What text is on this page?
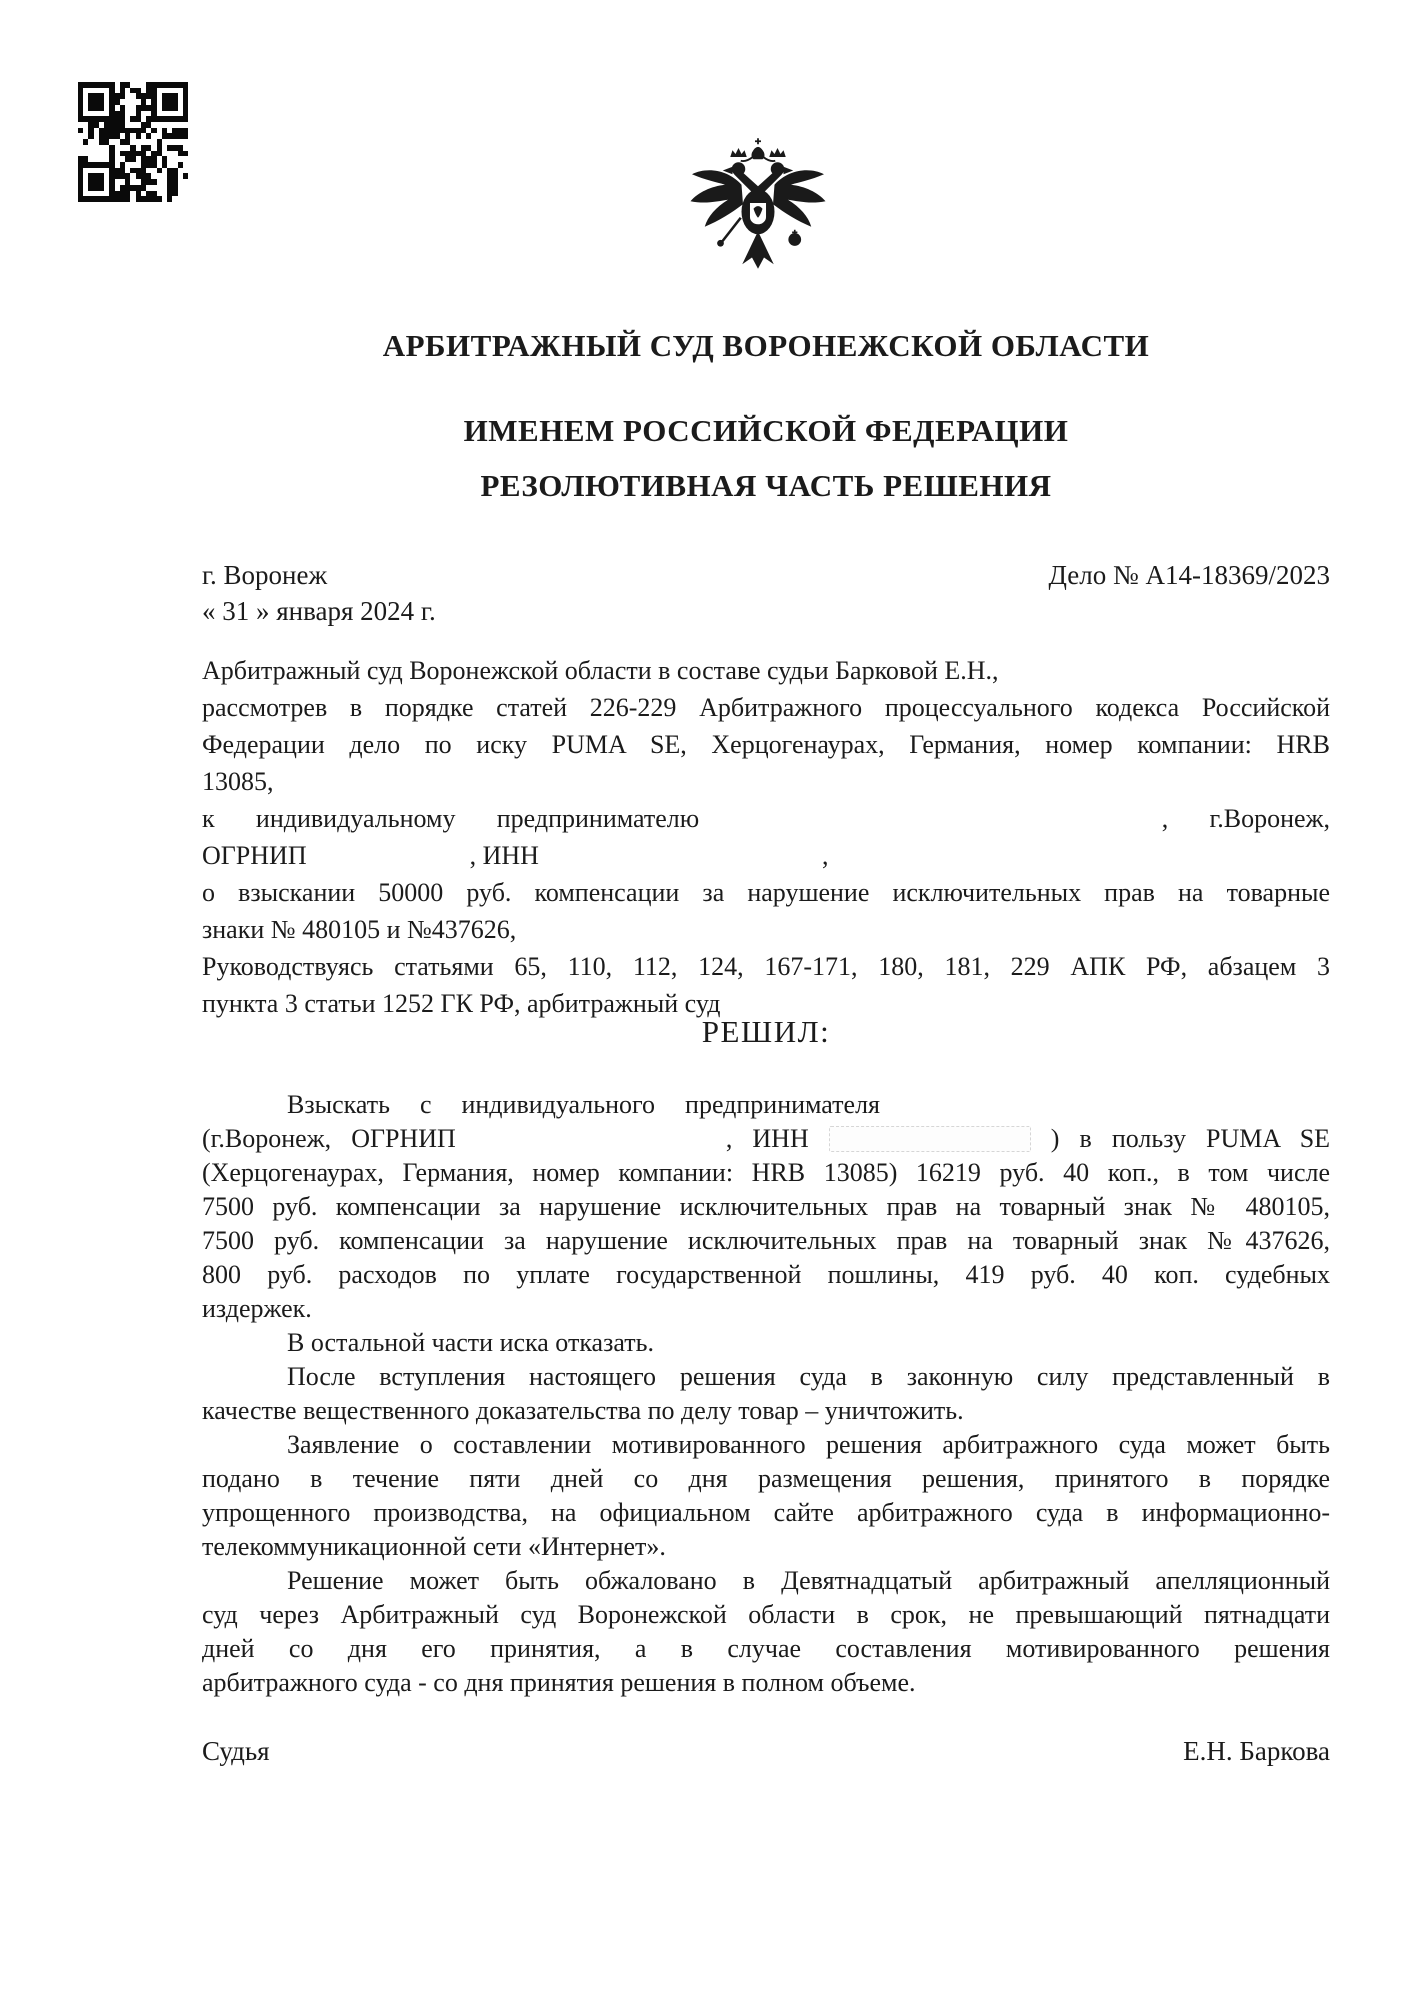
АРБИТРАЖНЫЙ СУД ВОРОНЕЖСКОЙ ОБЛАСТИ
ИМЕНЕМ РОССИЙСКОЙ ФЕДЕРАЦИИ
РЕЗОЛЮТИВНАЯ ЧАСТЬ РЕШЕНИЯ
г. Воронеж	Дело № А14-18369/2023
« 31 » января 2024 г.
Арбитражный суд Воронежской области в составе судьи Барковой Е.Н.,
рассмотрев в порядке статей 226-229 Арбитражного процессуального кодекса Российской
Федерации дело по иску PUMA SE, Херцогенаурах, Германия, номер компании: HRB
13085,
к индивидуальному предпринимателю	, г.Воронеж,
ОГРНИП	, ИНН	,
о взыскании 50000 руб. компенсации за нарушение исключительных прав на товарные
знаки № 480105 и №437626,
Руководствуясь статьями 65, 110, 112, 124, 167-171, 180, 181, 229 АПК РФ, абзацем 3
пункта 3 статьи 1252 ГК РФ, арбитражный суд
РЕШИЛ:
Взыскать с индивидуального предпринимателя
(г.Воронеж, ОГРНИП	, ИНН	) в пользу PUMA SE
(Херцогенаурах, Германия, номер компании: HRB 13085) 16219 руб. 40 коп., в том числе
7500 руб. компенсации за нарушение исключительных прав на товарный знак № 480105,
7500 руб. компенсации за нарушение исключительных прав на товарный знак №437626,
800 руб. расходов по уплате государственной пошлины, 419 руб. 40 коп. судебных
издержек.
В остальной части иска отказать.
После вступления настоящего решения суда в законную силу представленный в
качестве вещественного доказательства по делу товар – уничтожить.
Заявление о составлении мотивированного решения арбитражного суда может быть
подано в течение пяти дней со дня размещения решения, принятого в порядке
упрощенного производства, на официальном сайте арбитражного суда в информационно-
телекоммуникационной сети «Интернет».
Решение может быть обжаловано в Девятнадцатый арбитражный апелляционный
суд через Арбитражный суд Воронежской области в срок, не превышающий пятнадцати
дней со дня его принятия, а в случае составления мотивированного решения
арбитражного суда - со дня принятия решения в полном объеме.
Судья	Е.Н. Баркова
